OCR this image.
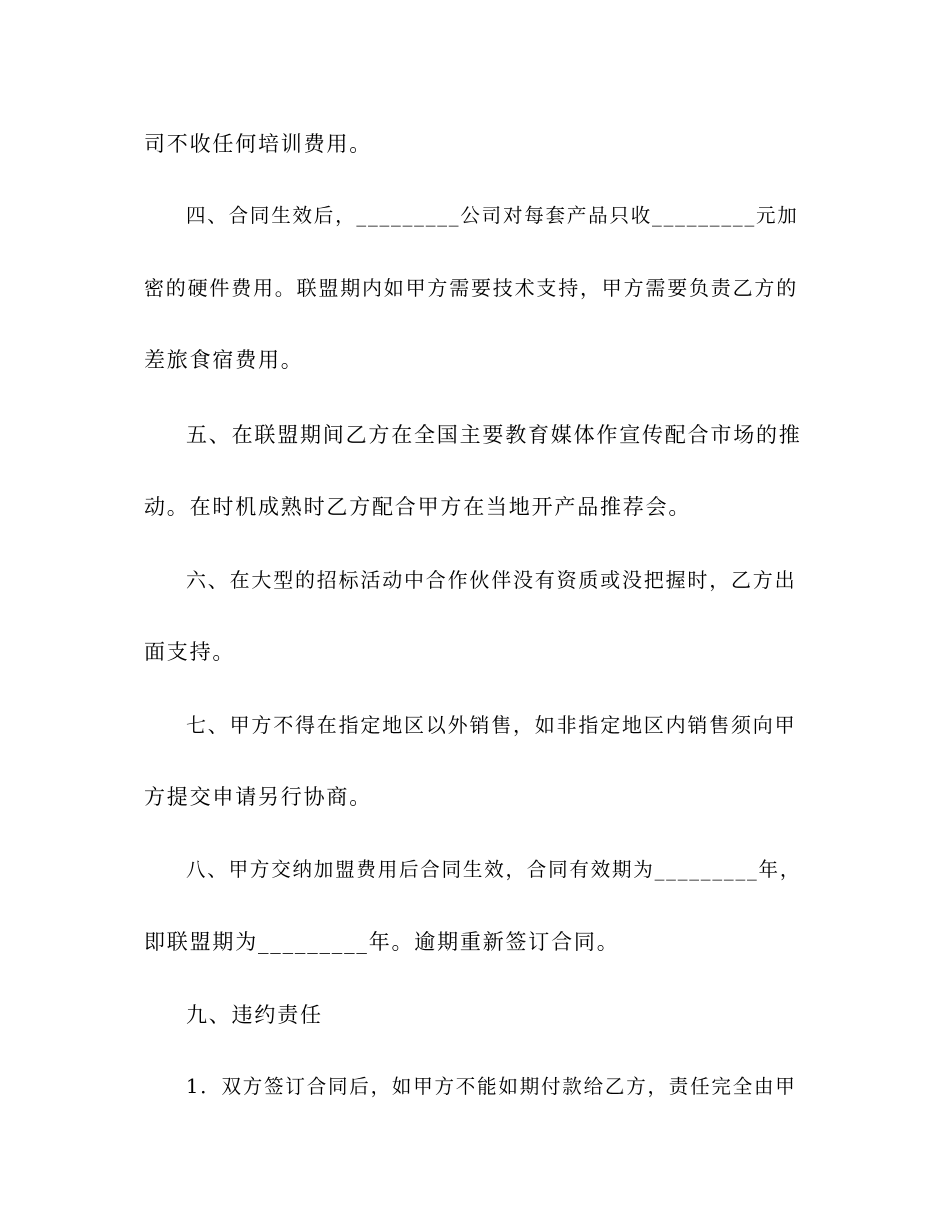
司不收任何培训费用。
四、合同生效后，_________公司对每套产品只收_________元加
密的硬件费用。联盟期内如甲方需要技术支持，甲方需要负责乙方的
差旅食宿费用。
五、在联盟期间乙方在全国主要教育媒体作宣传配合市场的推
动。在时机成熟时乙方配合甲方在当地开产品推荐会。
六、在大型的招标活动中合作伙伴没有资质或没把握时，乙方出
面支持。
七、甲方不得在指定地区以外销售，如非指定地区内销售须向甲
方提交申请另行协商。
八、甲方交纳加盟费用后合同生效，合同有效期为_________年，
即联盟期为_________年。逾期重新签订合同。
九、违约责任
1．双方签订合同后，如甲方不能如期付款给乙方，责任完全由甲
